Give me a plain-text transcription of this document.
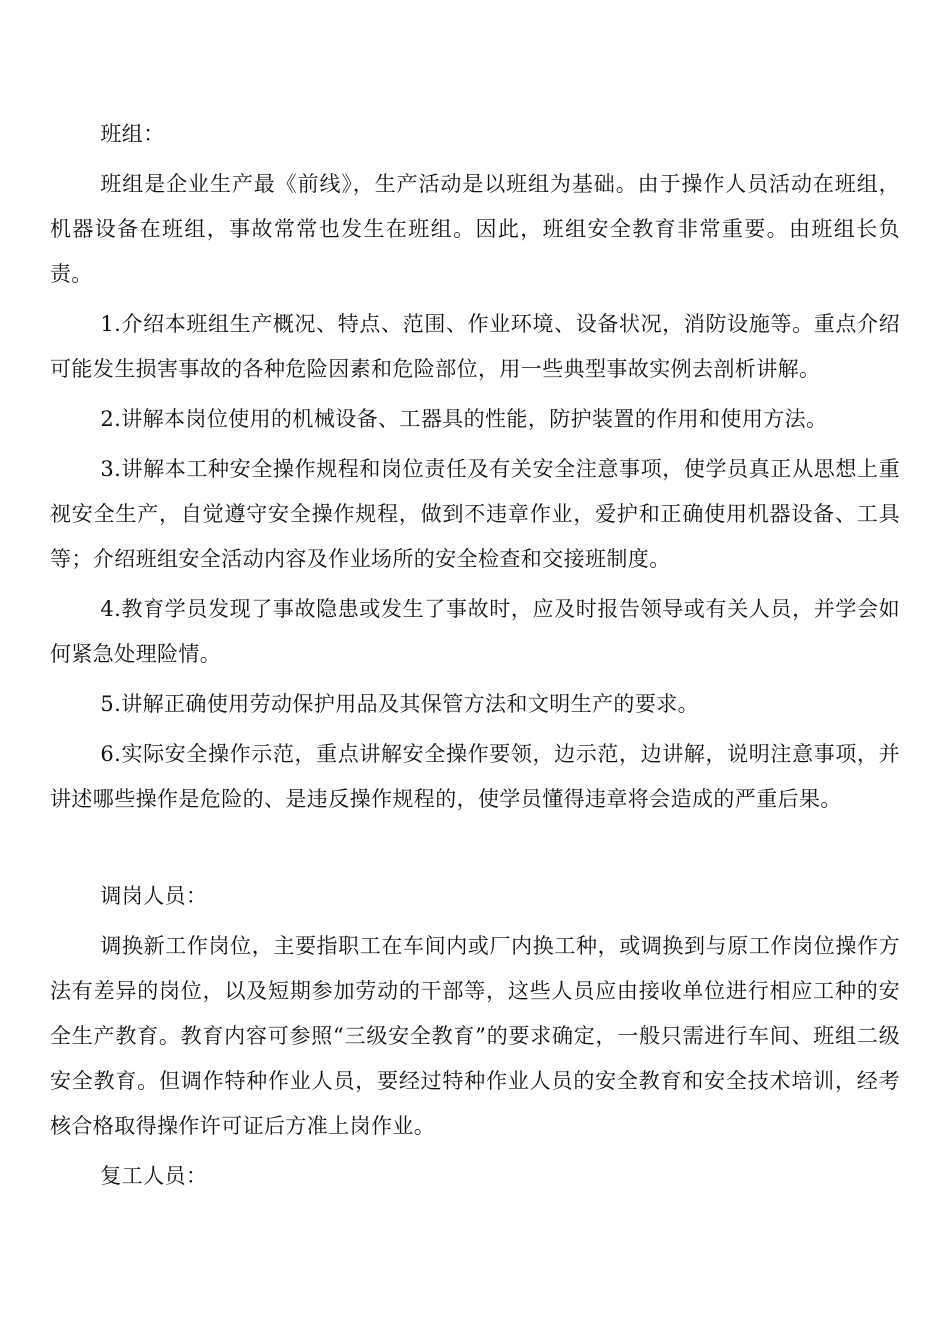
班组：

班组是企业生产最《前线》，生产活动是以班组为基础。由于操作人员活动在班组，机器设备在班组，事故常常也发生在班组。因此，班组安全教育非常重要。由班组长负责。

1.介绍本班组生产概况、特点、范围、作业环境、设备状况，消防设施等。重点介绍可能发生损害事故的各种危险因素和危险部位，用一些典型事故实例去剖析讲解。

2.讲解本岗位使用的机械设备、工器具的性能，防护装置的作用和使用方法。

3.讲解本工种安全操作规程和岗位责任及有关安全注意事项，使学员真正从思想上重视安全生产，自觉遵守安全操作规程，做到不违章作业，爱护和正确使用机器设备、工具等；介绍班组安全活动内容及作业场所的安全检查和交接班制度。

4.教育学员发现了事故隐患或发生了事故时，应及时报告领导或有关人员，并学会如何紧急处理险情。

5.讲解正确使用劳动保护用品及其保管方法和文明生产的要求。

6.实际安全操作示范，重点讲解安全操作要领，边示范，边讲解，说明注意事项，并讲述哪些操作是危险的、是违反操作规程的，使学员懂得违章将会造成的严重后果。

调岗人员：

调换新工作岗位，主要指职工在车间内或厂内换工种，或调换到与原工作岗位操作方法有差异的岗位，以及短期参加劳动的干部等，这些人员应由接收单位进行相应工种的安全生产教育。教育内容可参照“三级安全教育”的要求确定，一般只需进行车间、班组二级安全教育。但调作特种作业人员，要经过特种作业人员的安全教育和安全技术培训，经考核合格取得操作许可证后方准上岗作业。

复工人员：
